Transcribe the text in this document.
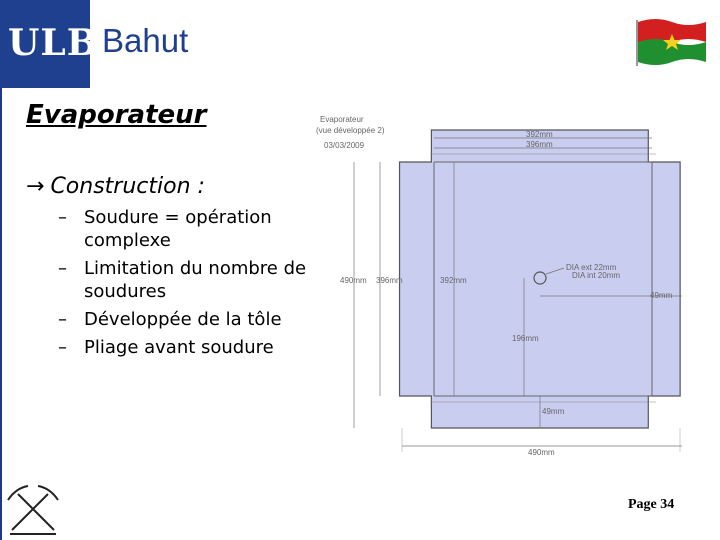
ULB Bahut
Evaporateur
→ Construction :
– Soudure = opération complexe
– Limitation du nombre de soudures
– Développée de la tôle
– Pliage avant soudure
Evaporateur
(vue développée 2)
03/03/2009
392mm
396mm
490mm 396mm	392mm
DIA ext 22mm
DIA int 20mm
49mm
196mm
49mm
490mm
Page 34
